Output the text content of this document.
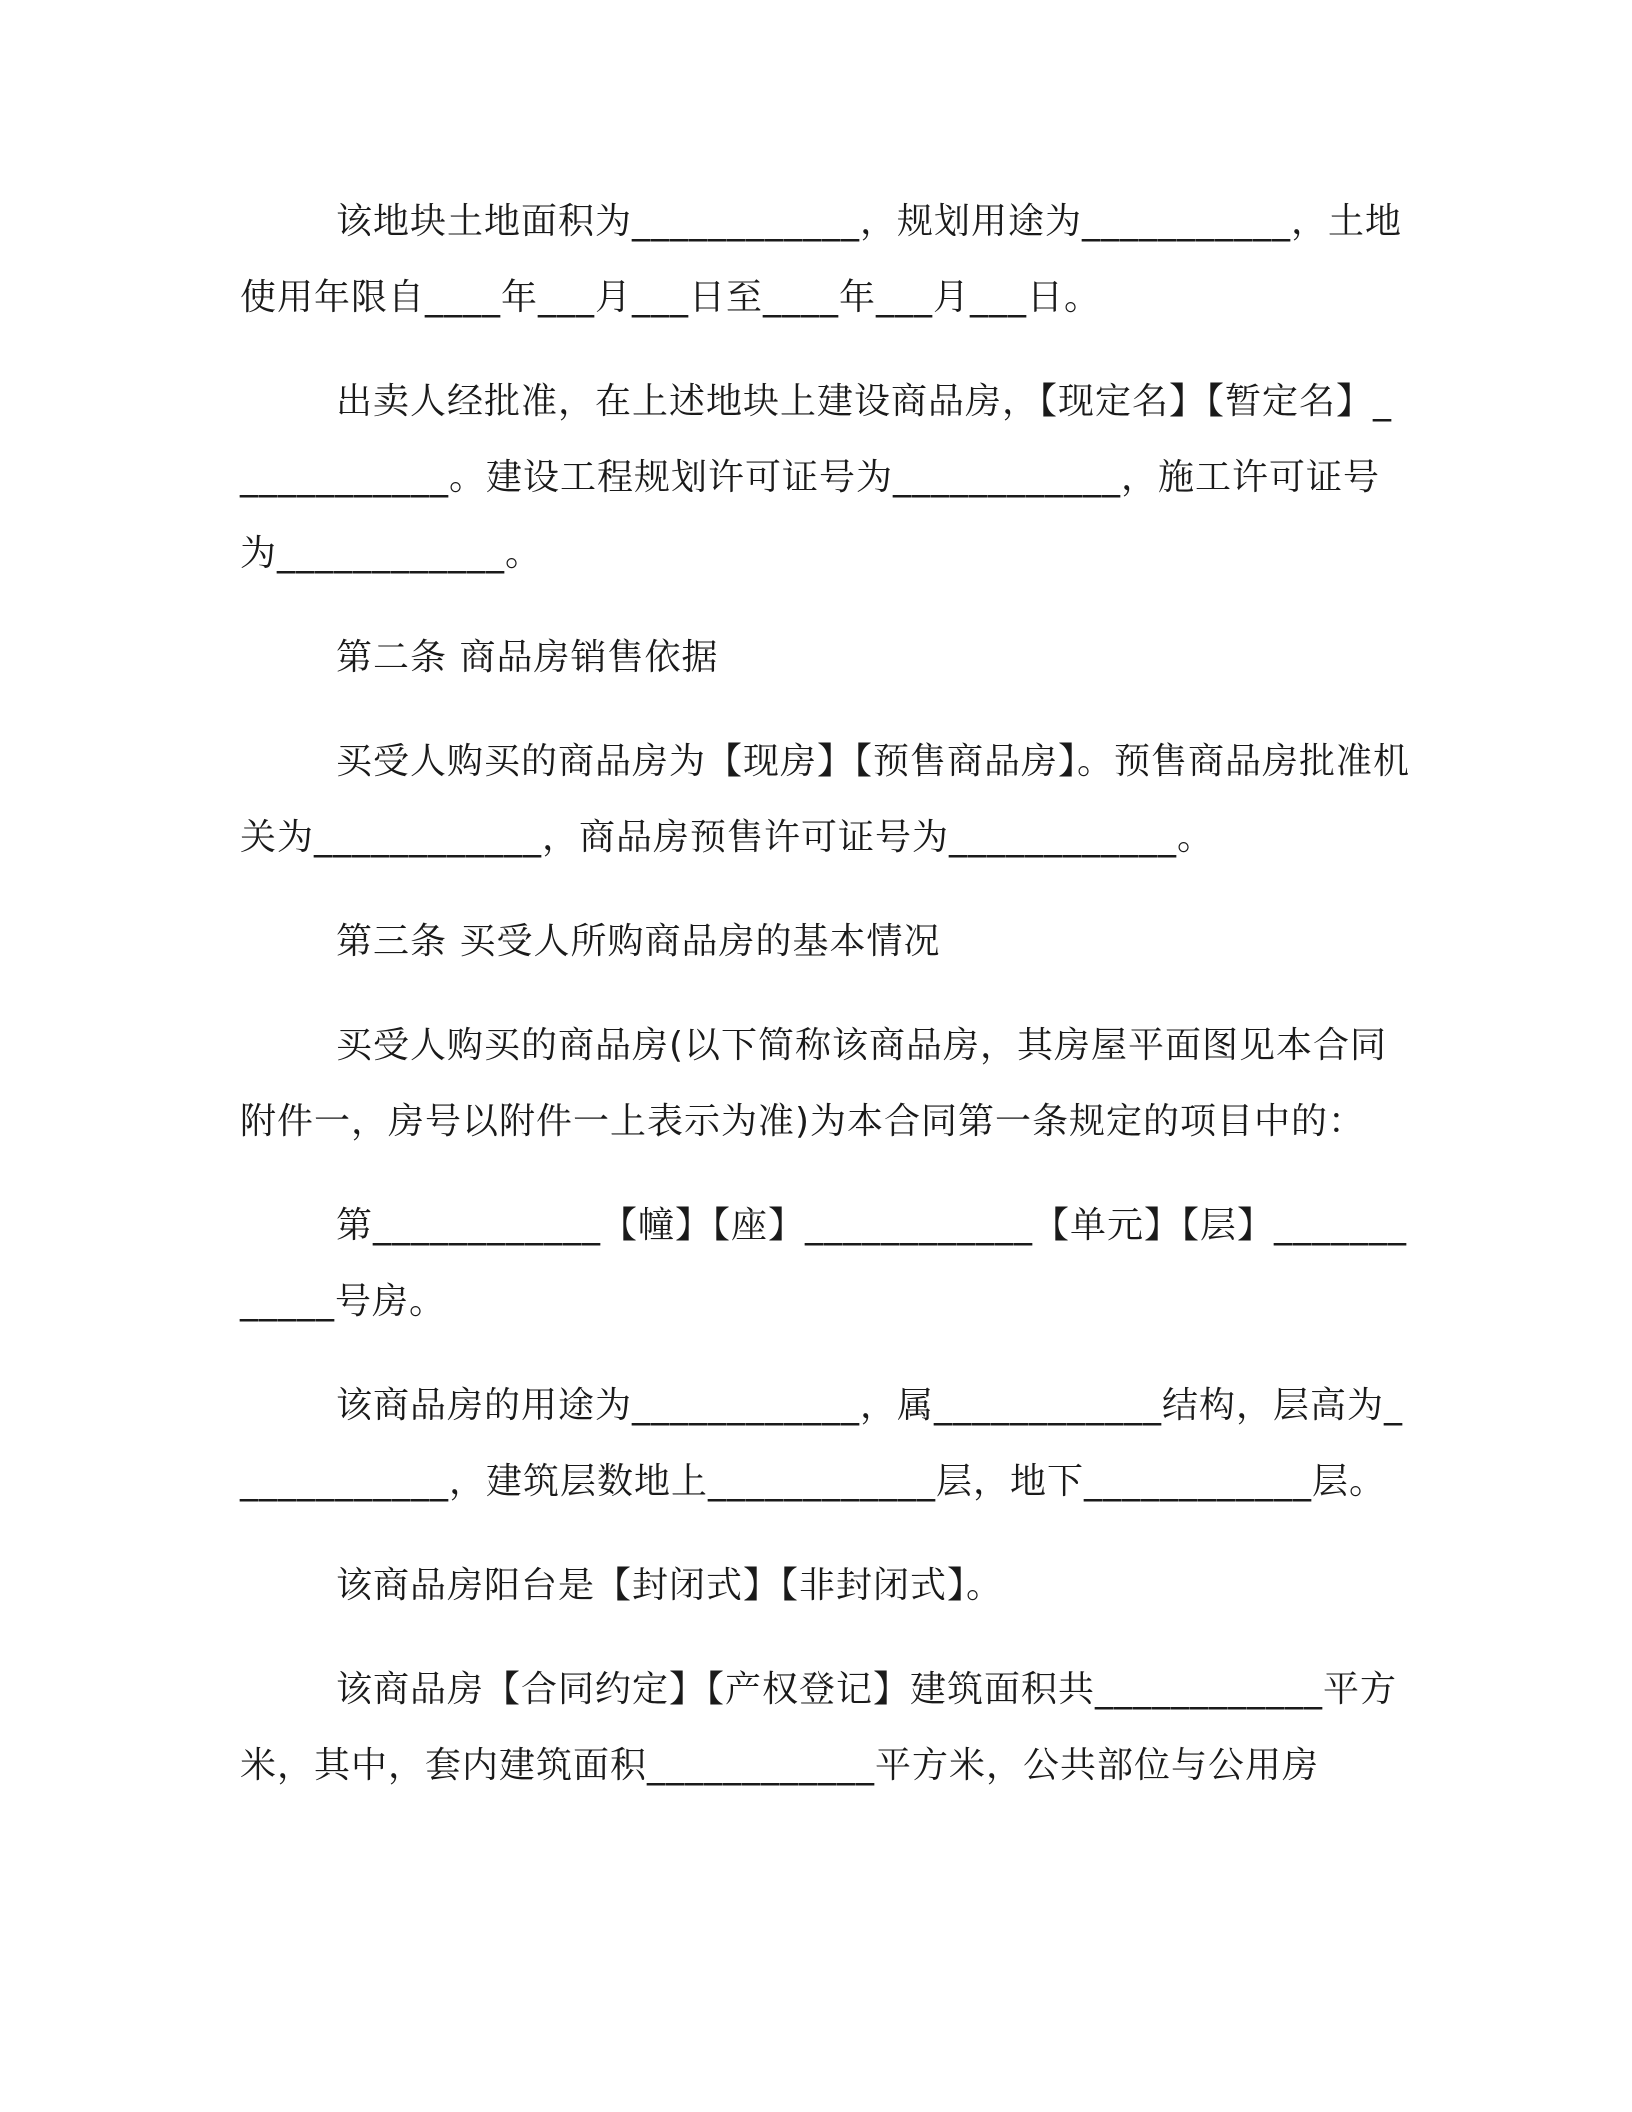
该地块土地面积为____________，规划用途为___________，土地使用年限自____年___月___日至____年___月___日。

出卖人经批准，在上述地块上建设商品房，【现定名】【暂定名】____________。建设工程规划许可证号为____________，施工许可证号为____________。

第二条 商品房销售依据

买受人购买的商品房为【现房】【预售商品房】。预售商品房批准机关为____________，商品房预售许可证号为____________。

第三条 买受人所购商品房的基本情况

买受人购买的商品房(以下简称该商品房，其房屋平面图见本合同附件一，房号以附件一上表示为准)为本合同第一条规定的项目中的：

第____________【幢】【座】____________【单元】【层】____________号房。

该商品房的用途为____________，属____________结构，层高为____________，建筑层数地上____________层，地下____________层。

该商品房阳台是【封闭式】【非封闭式】。

该商品房【合同约定】【产权登记】建筑面积共____________平方米，其中，套内建筑面积____________平方米，公共部位与公用房
